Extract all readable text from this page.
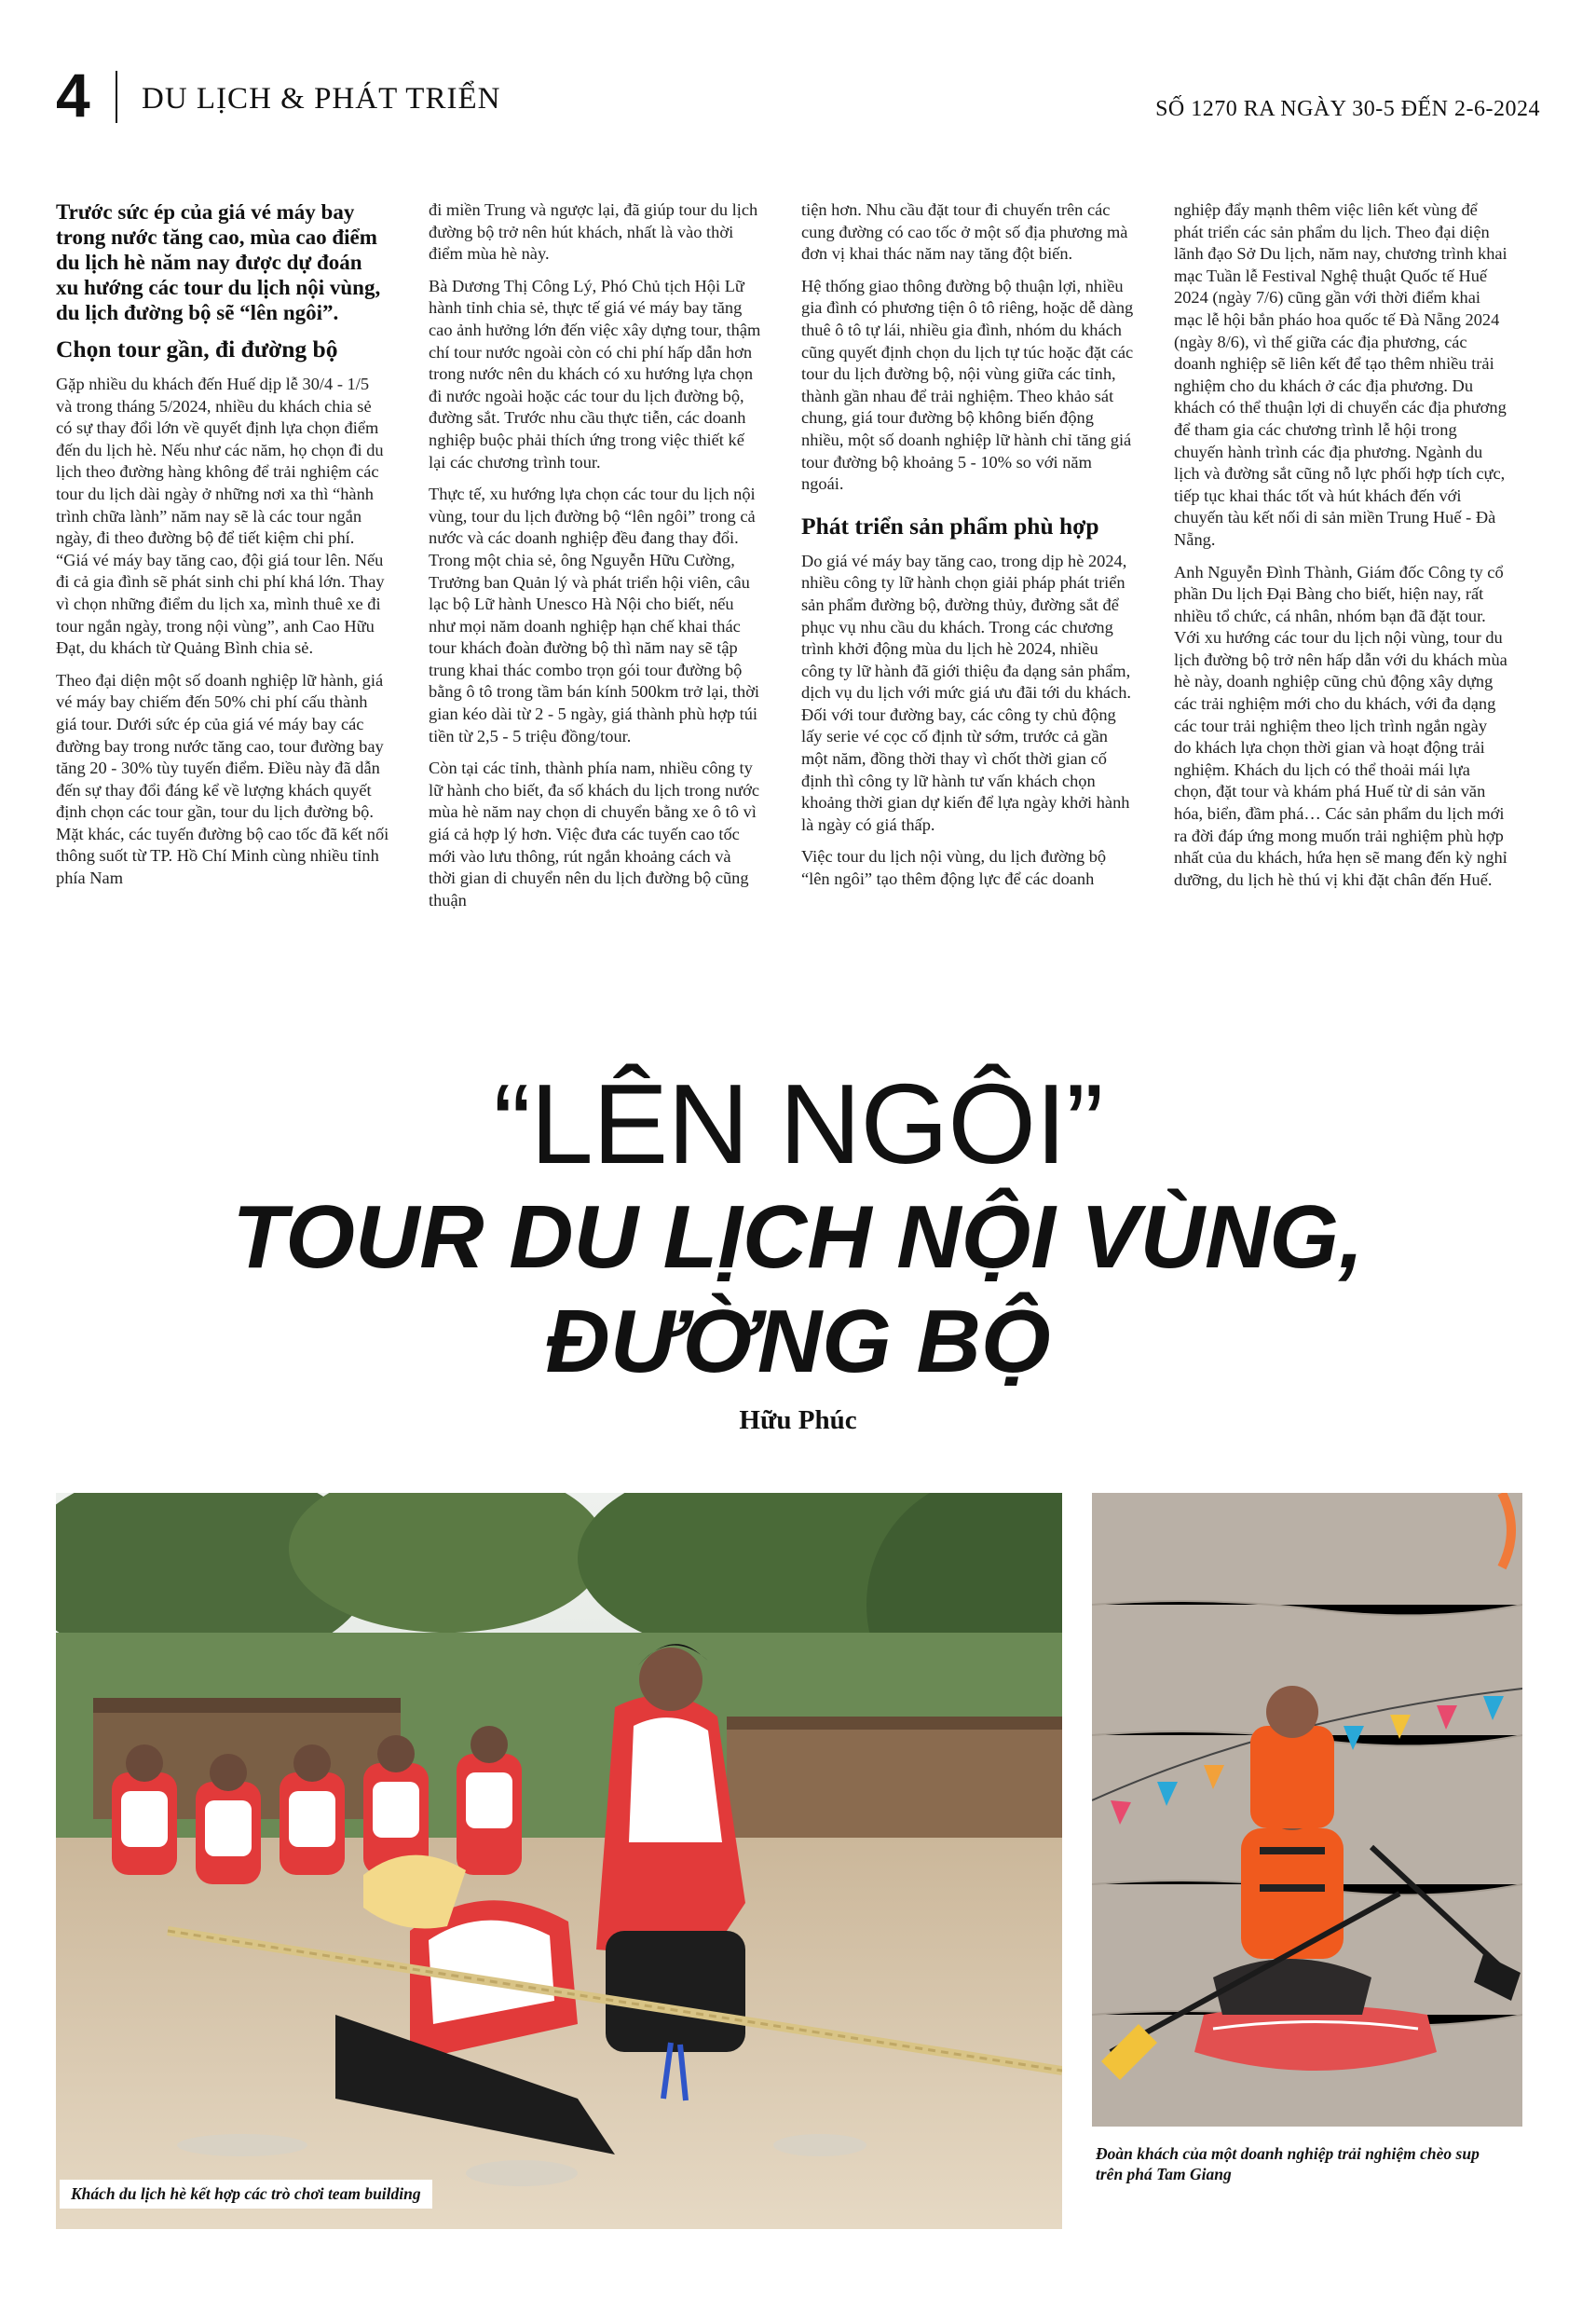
4 DU LỊCH & PHÁT TRIỂN	SỐ 1270 RA NGÀY 30-5 ĐẾN 2-6-2024

Trước sức ép của giá vé máy bay trong nước tăng cao, mùa cao điểm du lịch hè năm nay được dự đoán xu hướng các tour du lịch nội vùng, du lịch đường bộ sẽ “lên ngôi”.

Chọn tour gần, đi đường bộ

Gặp nhiều du khách đến Huế dịp lễ 30/4 - 1/5 và trong tháng 5/2024, nhiều du khách chia sẻ có sự thay đổi lớn về quyết định lựa chọn điểm đến du lịch hè. Nếu như các năm, họ chọn đi du lịch theo đường hàng không để trải nghiệm các tour du lịch dài ngày ở những nơi xa thì “hành trình chữa lành” năm nay sẽ là các tour ngắn ngày, đi theo đường bộ để tiết kiệm chi phí. “Giá vé máy bay tăng cao, đội giá tour lên. Nếu đi cả gia đình sẽ phát sinh chi phí khá lớn. Thay vì chọn những điểm du lịch xa, mình thuê xe đi tour ngắn ngày, trong nội vùng”, anh Cao Hữu Đạt, du khách từ Quảng Bình chia sẻ.

Theo đại diện một số doanh nghiệp lữ hành, giá vé máy bay chiếm đến 50% chi phí cấu thành giá tour. Dưới sức ép của giá vé máy bay các đường bay trong nước tăng cao, tour đường bay tăng 20 - 30% tùy tuyến điểm. Điều này đã dẫn đến sự thay đổi đáng kể về lượng khách quyết định chọn các tour gần, tour du lịch đường bộ. Mặt khác, các tuyến đường bộ cao tốc đã kết nối thông suốt từ TP. Hồ Chí Minh cùng nhiều tỉnh phía Nam

đi miền Trung và ngược lại, đã giúp tour du lịch đường bộ trở nên hút khách, nhất là vào thời điểm mùa hè này.

Bà Dương Thị Công Lý, Phó Chủ tịch Hội Lữ hành tỉnh chia sẻ, thực tế giá vé máy bay tăng cao ảnh hưởng lớn đến việc xây dựng tour, thậm chí tour nước ngoài còn có chi phí hấp dẫn hơn trong nước nên du khách có xu hướng lựa chọn đi nước ngoài hoặc các tour du lịch đường bộ, đường sắt. Trước nhu cầu thực tiễn, các doanh nghiệp buộc phải thích ứng trong việc thiết kế lại các chương trình tour.

Thực tế, xu hướng lựa chọn các tour du lịch nội vùng, tour du lịch đường bộ “lên ngôi” trong cả nước và các doanh nghiệp đều đang thay đổi. Trong một chia sẻ, ông Nguyễn Hữu Cường, Trưởng ban Quản lý và phát triển hội viên, câu lạc bộ Lữ hành Unesco Hà Nội cho biết, nếu như mọi năm doanh nghiệp hạn chế khai thác tour khách đoàn đường bộ thì năm nay sẽ tập trung khai thác combo trọn gói tour đường bộ bằng ô tô trong tầm bán kính 500km trở lại, thời gian kéo dài từ 2 - 5 ngày, giá thành phù hợp túi tiền từ 2,5 - 5 triệu đồng/tour.

Còn tại các tỉnh, thành phía nam, nhiều công ty lữ hành cho biết, đa số khách du lịch trong nước mùa hè năm nay chọn di chuyển bằng xe ô tô vì giá cả hợp lý hơn. Việc đưa các tuyến cao tốc mới vào lưu thông, rút ngắn khoảng cách và thời gian di chuyển nên du lịch đường bộ cũng thuận

tiện hơn. Nhu cầu đặt tour đi chuyến trên các cung đường có cao tốc ở một số địa phương mà đơn vị khai thác năm nay tăng đột biến.

Hệ thống giao thông đường bộ thuận lợi, nhiều gia đình có phương tiện ô tô riêng, hoặc dễ dàng thuê ô tô tự lái, nhiều gia đình, nhóm du khách cũng quyết định chọn du lịch tự túc hoặc đặt các tour du lịch đường bộ, nội vùng giữa các tỉnh, thành gần nhau để trải nghiệm. Theo khảo sát chung, giá tour đường bộ không biến động nhiều, một số doanh nghiệp lữ hành chỉ tăng giá tour đường bộ khoảng 5 - 10% so với năm ngoái.

Phát triển sản phẩm phù hợp

Do giá vé máy bay tăng cao, trong dịp hè 2024, nhiều công ty lữ hành chọn giải pháp phát triển sản phẩm đường bộ, đường thủy, đường sắt để phục vụ nhu cầu du khách. Trong các chương trình khởi động mùa du lịch hè 2024, nhiều công ty lữ hành đã giới thiệu đa dạng sản phẩm, dịch vụ du lịch với mức giá ưu đãi tới du khách. Đối với tour đường bay, các công ty chủ động lấy serie vé cọc cố định từ sớm, trước cả gần một năm, đồng thời thay vì chốt thời gian cố định thì công ty lữ hành tư vấn khách chọn khoảng thời gian dự kiến để lựa ngày khởi hành là ngày có giá thấp.

Việc tour du lịch nội vùng, du lịch đường bộ “lên ngôi” tạo thêm động lực để các doanh

nghiệp đẩy mạnh thêm việc liên kết vùng để phát triển các sản phẩm du lịch. Theo đại diện lãnh đạo Sở Du lịch, năm nay, chương trình khai mạc Tuần lễ Festival Nghệ thuật Quốc tế Huế 2024 (ngày 7/6) cũng gần với thời điểm khai mạc lễ hội bắn pháo hoa quốc tế Đà Nẵng 2024 (ngày 8/6), vì thế giữa các địa phương, các doanh nghiệp sẽ liên kết để tạo thêm nhiều trải nghiệm cho du khách ở các địa phương. Du khách có thể thuận lợi di chuyển các địa phương để tham gia các chương trình lễ hội trong chuyến hành trình các địa phương. Ngành du lịch và đường sắt cũng nỗ lực phối hợp tích cực, tiếp tục khai thác tốt và hút khách đến với chuyến tàu kết nối di sản miền Trung Huế - Đà Nẵng.

Anh Nguyễn Đình Thành, Giám đốc Công ty cổ phần Du lịch Đại Bàng cho biết, hiện nay, rất nhiều tổ chức, cá nhân, nhóm bạn đã đặt tour. Với xu hướng các tour du lịch nội vùng, tour du lịch đường bộ trở nên hấp dẫn với du khách mùa hè này, doanh nghiệp cũng chủ động xây dựng các trải nghiệm mới cho du khách, với đa dạng các tour trải nghiệm theo lịch trình ngắn ngày do khách lựa chọn thời gian và hoạt động trải nghiệm. Khách du lịch có thể thoải mái lựa chọn, đặt tour và khám phá Huế từ di sản văn hóa, biển, đầm phá… Các sản phẩm du lịch mới ra đời đáp ứng mong muốn trải nghiệm phù hợp nhất của du khách, hứa hẹn sẽ mang đến kỳ nghỉ dưỡng, du lịch hè thú vị khi đặt chân đến Huế.

“LÊN NGÔI”
TOUR DU LỊCH NỘI VÙNG,
ĐƯỜNG BỘ
Hữu Phúc
Khách du lịch hè kết hợp các trò chơi team building
Đoàn khách của một doanh nghiệp trải nghiệm chèo sup trên phá Tam Giang
